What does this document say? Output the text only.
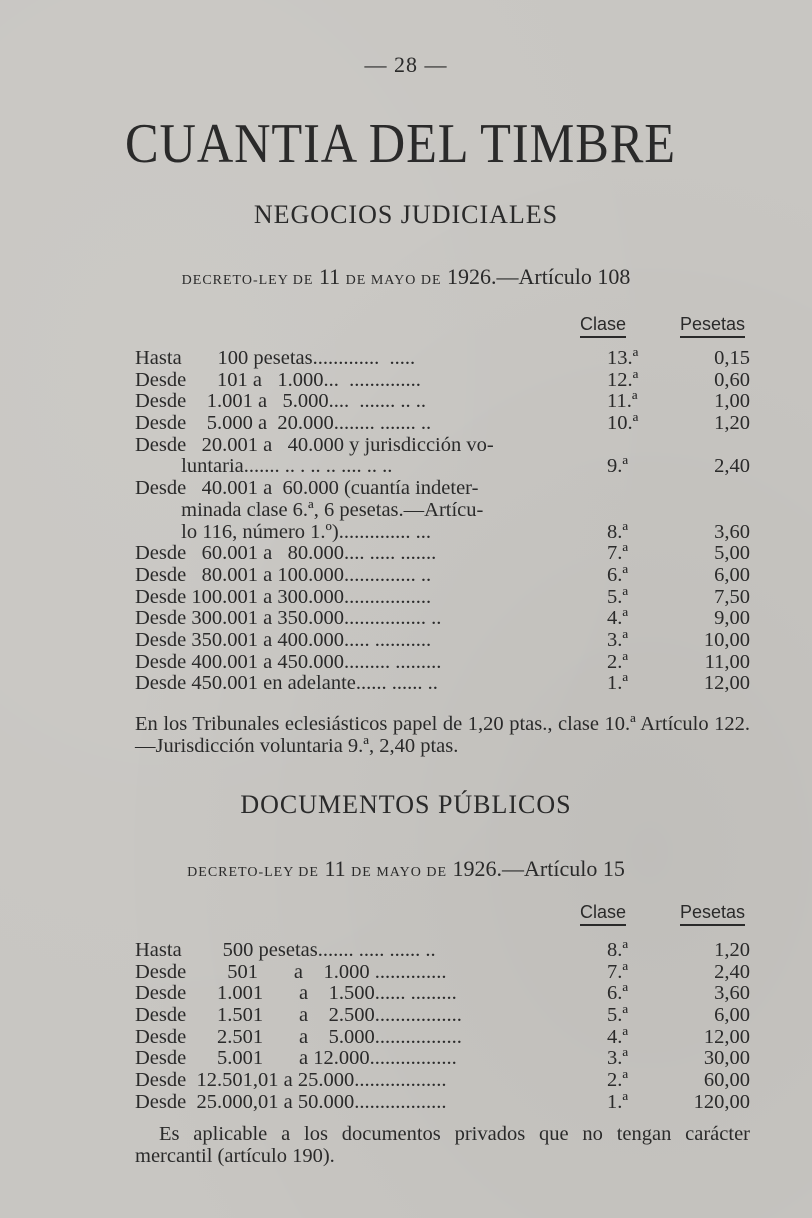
— 28 —
CUANTIA DEL TIMBRE
NEGOCIOS JUDICIALES
DECRETO-LEY DE 11 DE MAYO DE 1926.—Artículo 108
Clase	Pesetas
Hasta       100 pesetas.............  .....	13.ª	0,15
Desde      101 a   1.000...  ..............	12.ª	0,60
Desde    1.001 a   5.000....  ....... .. ..	11.ª	1,00
Desde    5.000 a  20.000........ ....... ..	10.ª	1,20
Desde   20.001 a   40.000 y jurisdicción vo-
luntaria....... .. . .. .. .... .. ..	9.ª	2,40
Desde   40.001 a  60.000 (cuantía indeter-
minada clase 6.ª, 6 pesetas.—Artícu-
lo 116, número 1.º).............. ...	8.ª	3,60
Desde   60.001 a   80.000.... ..... .......	7.ª	5,00
Desde   80.001 a 100.000.............. ..	6.ª	6,00
Desde 100.001 a 300.000.................	5.ª	7,50
Desde 300.001 a 350.000................ ..	4.ª	9,00
Desde 350.001 a 400.000..... ...........	3.ª	10,00
Desde 400.001 a 450.000......... .........	2.ª	11,00
Desde 450.001 en adelante...... ...... ..	1.ª	12,00
En los Tribunales eclesiásticos papel de 1,20 ptas., clase 10.ª Artículo 122.—Jurisdicción voluntaria 9.ª, 2,40 ptas.
DOCUMENTOS PÚBLICOS
DECRETO-LEY DE 11 DE MAYO DE 1926.—Artículo 15
Clase	Pesetas
Hasta        500 pesetas....... ..... ...... ..	8.ª	1,20
Desde        501       a    1.000 ..............	7.ª	2,40
Desde      1.001       a    1.500...... .........	6.ª	3,60
Desde      1.501       a    2.500.................	5.ª	6,00
Desde      2.501       a    5.000.................	4.ª	12,00
Desde      5.001       a 12.000.................	3.ª	30,00
Desde  12.501,01 a 25.000..................	2.ª	60,00
Desde  25.000,01 a 50.000..................	1.ª	120,00
Es aplicable a los documentos privados que no tengan carácter mercantil (artículo 190).
